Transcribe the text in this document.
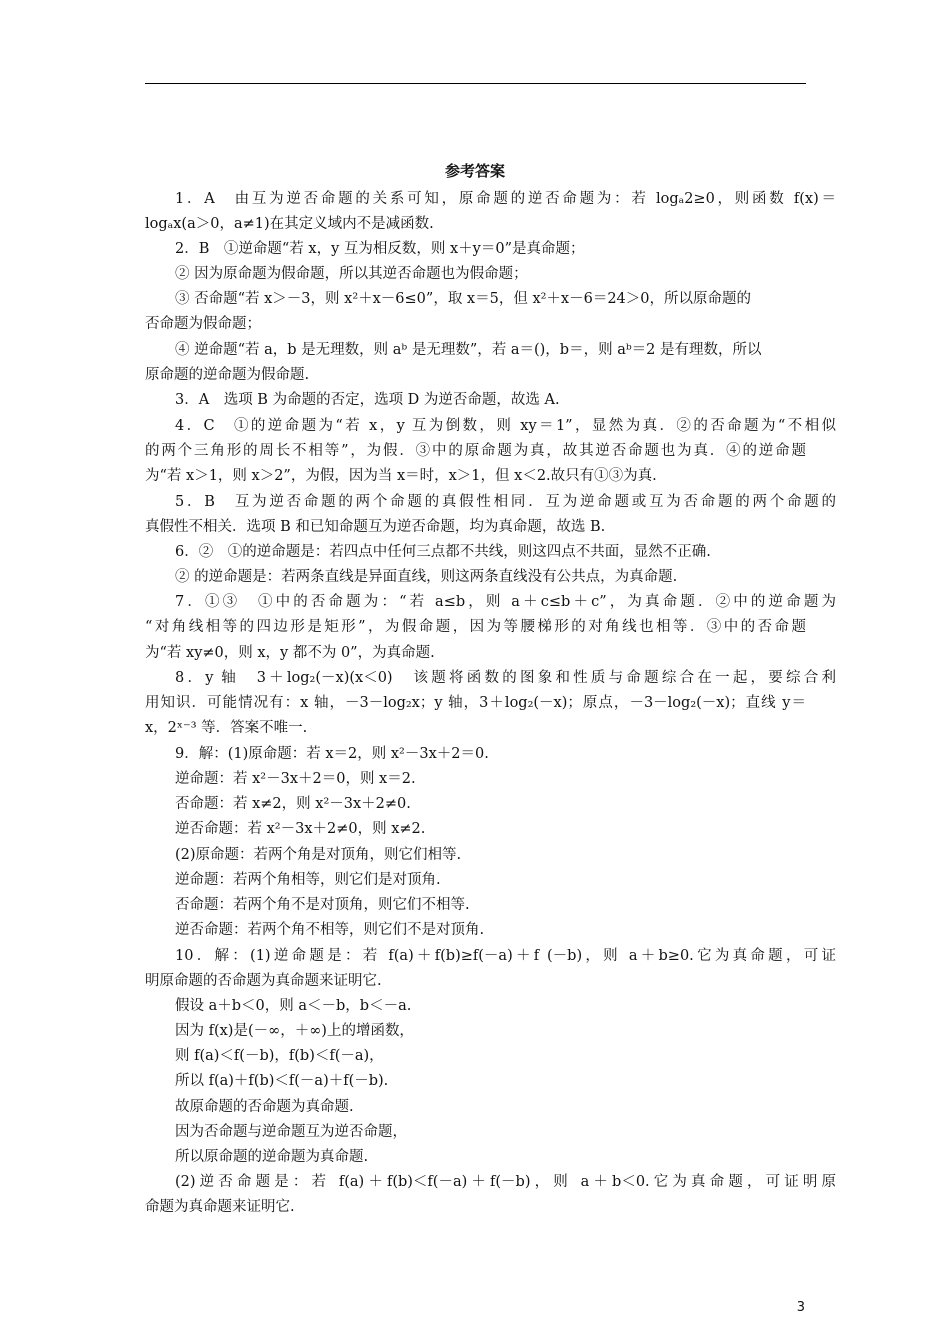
参考答案
1．A　由互为逆否命题的关系可知，原命题的逆否命题为：若 logₐ2≥0，则函数 f(x)＝
logₐx(a＞0，a≠1)在其定义域内不是减函数.
2．B　①逆命题“若 x，y 互为相反数，则 x＋y＝0”是真命题；
② 因为原命题为假命题，所以其逆否命题也为假命题；
③ 否命题“若 x＞－3，则 x²＋x－6≤0”，取 x＝5，但 x²＋x－6＝24＞0，所以原命题的
否命题为假命题；
④ 逆命题“若 a，b 是无理数，则 aᵇ 是无理数”，若 a＝()，b＝，则 aᵇ＝2 是有理数，所以
原命题的逆命题为假命题.
3．A　选项 B 为命题的否定，选项 D 为逆否命题，故选 A.
4．C　①的逆命题为“若 x，y 互为倒数，则 xy＝1”，显然为真．②的否命题为“不相似
的两个三角形的周长不相等”，为假．③中的原命题为真，故其逆否命题也为真．④的逆命题
为“若 x＞1，则 x＞2”，为假，因为当 x＝时，x＞1，但 x＜2.故只有①③为真.
5．B　互为逆否命题的两个命题的真假性相同．互为逆命题或互为否命题的两个命题的
真假性不相关．选项 B 和已知命题互为逆否命题，均为真命题，故选 B.
6．②　①的逆命题是：若四点中任何三点都不共线，则这四点不共面，显然不正确.
② 的逆命题是：若两条直线是异面直线，则这两条直线没有公共点，为真命题.
7．①③　①中的否命题为：“若 a≤b，则 a＋c≤b＋c”，为真命题．②中的逆命题为
“对角线相等的四边形是矩形”，为假命题，因为等腰梯形的对角线也相等．③中的否命题
为“若 xy≠0，则 x，y 都不为 0”，为真命题.
8．y 轴　3＋log₂(－x)(x＜0)　该题将函数的图象和性质与命题综合在一起，要综合利
用知识．可能情况有：x 轴，－3－log₂x；y 轴，3＋log₂(－x)；原点，－3－log₂(－x)；直线 y＝
x，2ˣ⁻³ 等．答案不唯一.
9．解：(1)原命题：若 x＝2，则 x²－3x＋2＝0.
逆命题：若 x²－3x＋2＝0，则 x＝2.
否命题：若 x≠2，则 x²－3x＋2≠0.
逆否命题：若 x²－3x＋2≠0，则 x≠2.
(2)原命题：若两个角是对顶角，则它们相等.
逆命题：若两个角相等，则它们是对顶角.
否命题：若两个角不是对顶角，则它们不相等.
逆否命题：若两个角不相等，则它们不是对顶角.
10．解：(1)逆命题是：若 f(a)＋f(b)≥f(－a)＋f (－b)，则 a＋b≥0.它为真命题，可证
明原命题的否命题为真命题来证明它.
假设 a＋b＜0，则 a＜－b，b＜－a.
因为 f(x)是(－∞，＋∞)上的增函数，
则 f(a)＜f(－b)，f(b)＜f(－a)，
所以 f(a)＋f(b)＜f(－a)＋f(－b).
故原命题的否命题为真命题.
因为否命题与逆命题互为逆否命题，
所以原命题的逆命题为真命题.
(2)逆否命题是：若 f(a)＋f(b)＜f(－a)＋f(－b)，则 a＋b＜0.它为真命题，可证明原
命题为真命题来证明它.
3
